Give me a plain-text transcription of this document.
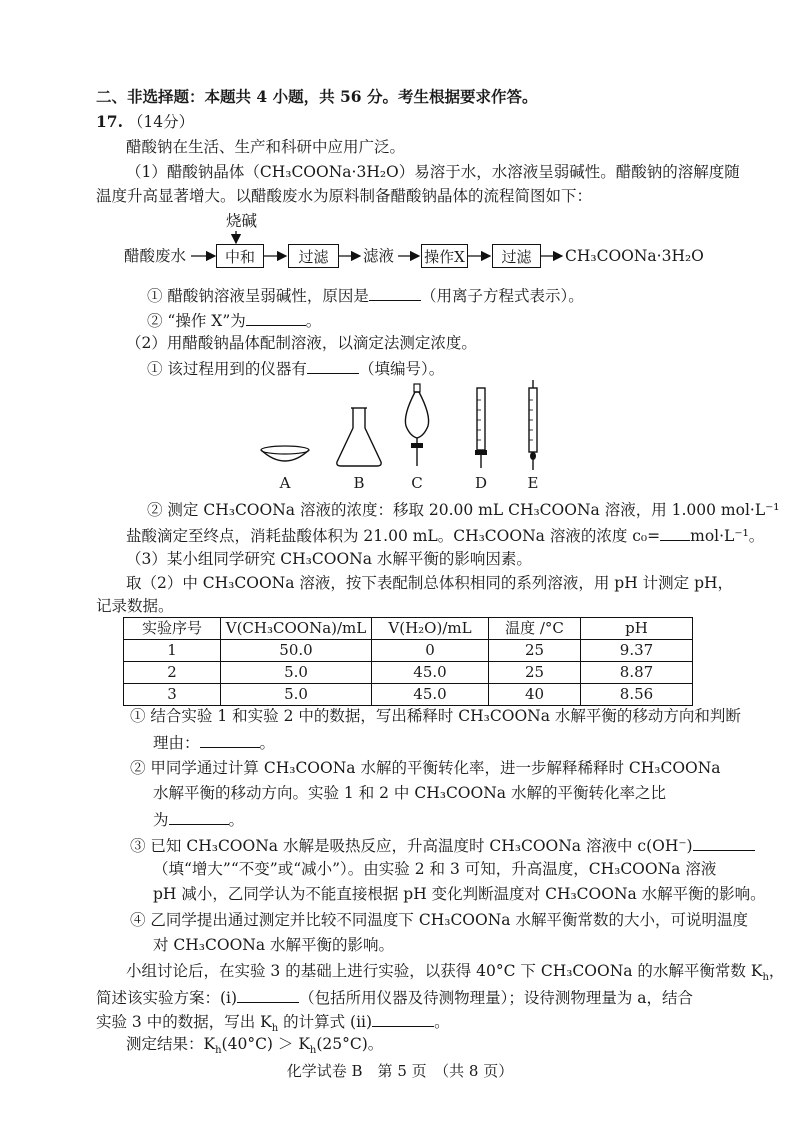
二、非选择题：本题共 4 小题，共 56 分。考生根据要求作答。
17. （14分）
醋酸钠在生活、生产和科研中应用广泛。
（1）醋酸钠晶体（CH₃COONa·3H₂O）易溶于水，水溶液呈弱碱性。醋酸钠的溶解度随
温度升高显著增大。以醋酸废水为原料制备醋酸钠晶体的流程简图如下：
烧碱
醋酸废水	中和	过滤	滤液 操作X	过滤	CH₃COONa·3H₂O
① 醋酸钠溶液呈弱碱性，原因是	（用离子方程式表示）。
② “操作 X”为	。
（2）用醋酸钠晶体配制溶液，以滴定法测定浓度。
① 该过程用到的仪器有	（填编号）。
A	B	C	D	E
② 测定 CH₃COONa 溶液的浓度：移取 20.00 mL CH₃COONa 溶液，用 1.000 mol·L⁻¹
盐酸滴定至终点，消耗盐酸体积为 21.00 mL。CH₃COONa 溶液的浓度 c₀= mol·L⁻¹。
（3）某小组同学研究 CH₃COONa 水解平衡的影响因素。
取（2）中 CH₃COONa 溶液，按下表配制总体积相同的系列溶液，用 pH 计测定 pH，
记录数据。
实验序号	V(CH₃COONa)/mL	V(H₂O)/mL	温度 /°C	pH
1	50.0	0	25	9.37
2	5.0	45.0	25	8.87
3	5.0	45.0	40	8.56
① 结合实验 1 和实验 2 中的数据，写出稀释时 CH₃COONa 水解平衡的移动方向和判断
理由：	。
② 甲同学通过计算 CH₃COONa 水解的平衡转化率，进一步解释稀释时 CH₃COONa
水解平衡的移动方向。实验 1 和 2 中 CH₃COONa 水解的平衡转化率之比
为	。
③ 已知 CH₃COONa 水解是吸热反应，升高温度时 CH₃COONa 溶液中 c(OH⁻)
（填“增大”“不变”或“减小”）。由实验 2 和 3 可知，升高温度，CH₃COONa 溶液
pH 减小，乙同学认为不能直接根据 pH 变化判断温度对 CH₃COONa 水解平衡的影响。
④ 乙同学提出通过测定并比较不同温度下 CH₃COONa 水解平衡常数的大小，可说明温度
对 CH₃COONa 水解平衡的影响。
小组讨论后，在实验 3 的基础上进行实验，以获得 40°C 下 CH₃COONa 的水解平衡常数 $K_h$，
简述该实验方案：(i)	（包括所用仪器及待测物理量）；设待测物理量为 a，结合
实验 3 中的数据，写出 $K_h$ 的计算式 (ii)	。
测定结果：$K_h(40^\circ C) > K_h(25^\circ C)$。
化学试卷 B　第 5 页　（共 8 页）
